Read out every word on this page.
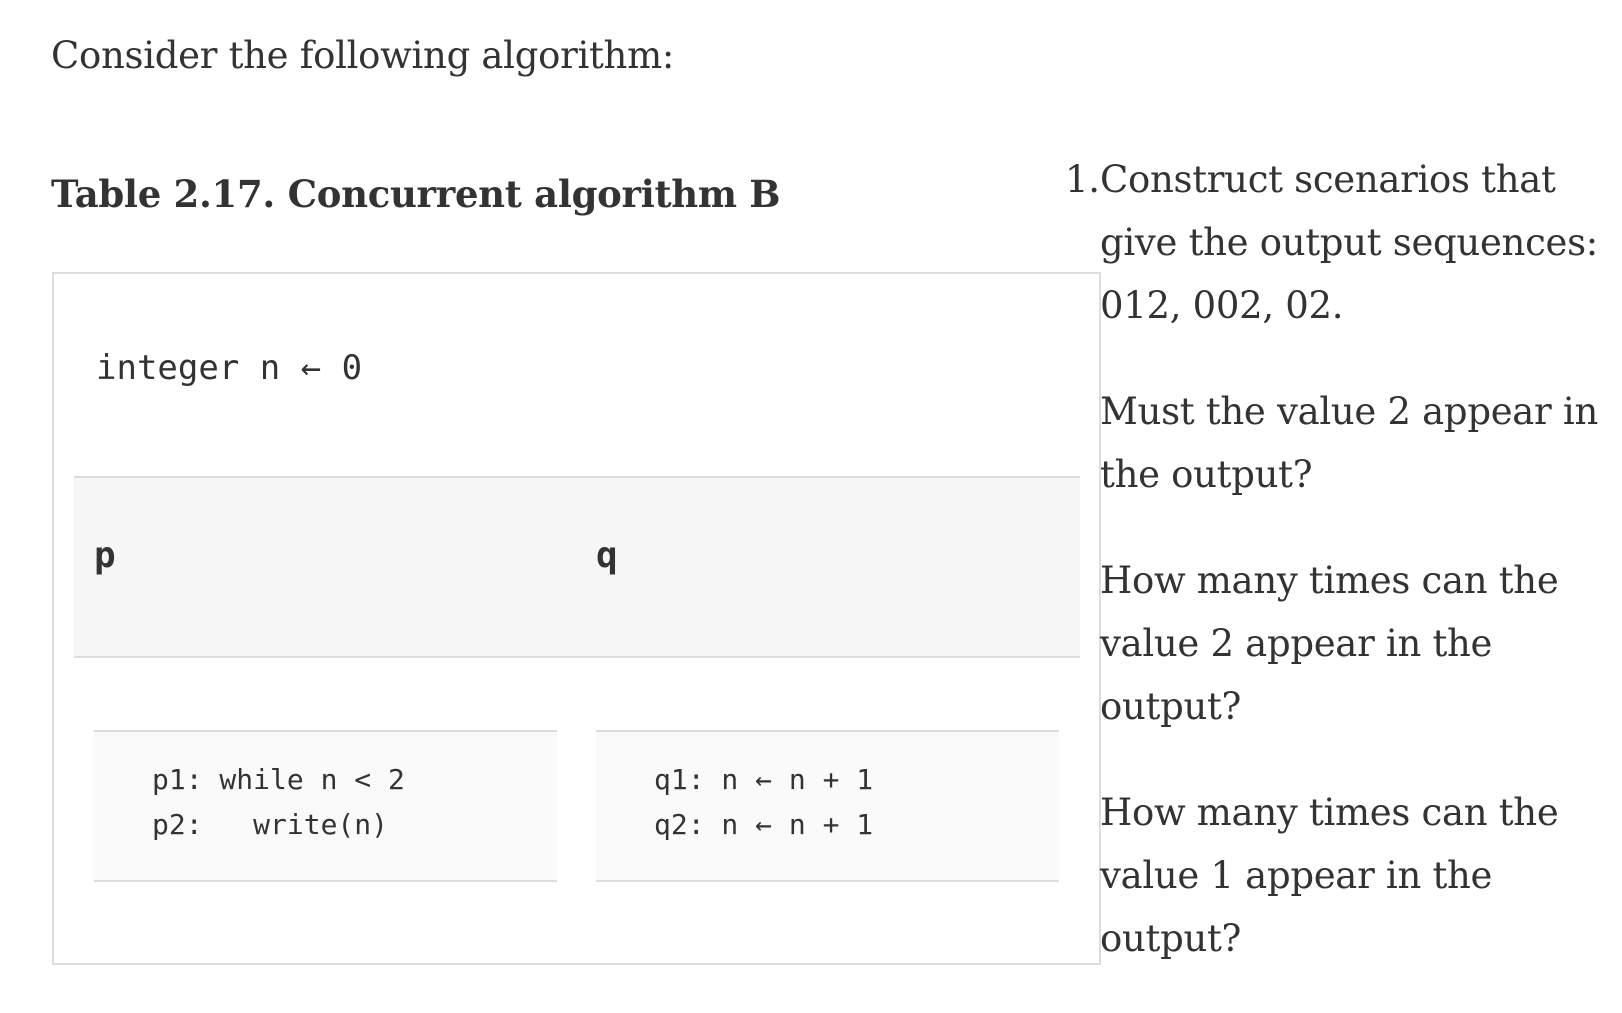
Consider the following algorithm:
Table 2.17. Concurrent algorithm B
integer n ← 0
p	q
p1: while n < 2
p2:   write(n)
q1: n ← n + 1
q2: n ← n + 1
1. Construct scenarios that give the output sequences: 012, 002, 02.
Must the value 2 appear in the output?
How many times can the value 2 appear in the output?
How many times can the value 1 appear in the output?
